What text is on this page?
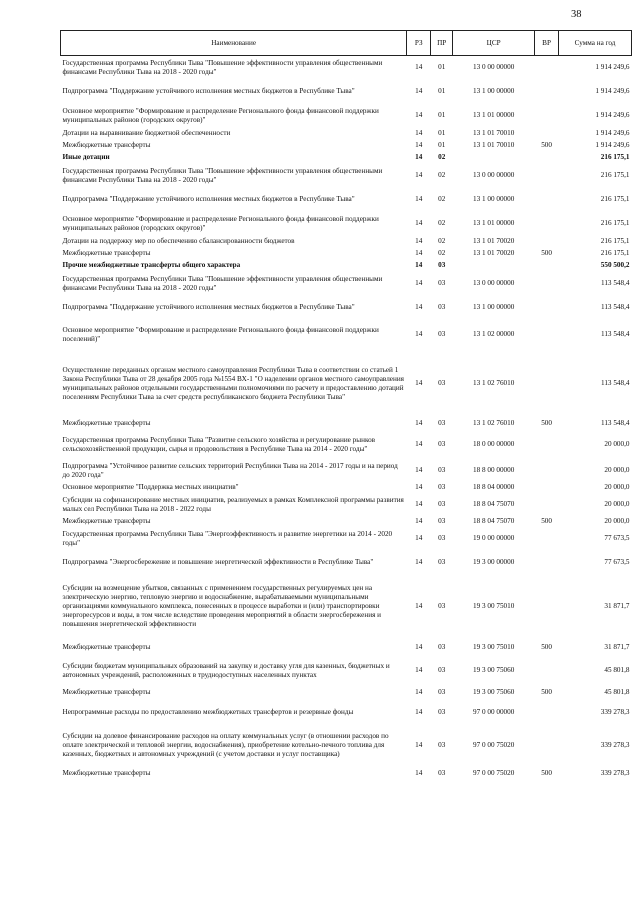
38
Наименование	РЗ	ПР	ЦСР	ВР	Сумма на год
Государственная программа Республики Тыва "Повышение эффективности управления общественными финансами Республики Тыва на 2018 - 2020 годы"	14	01	13 0 00 00000		1 914 249,6
Подпрограмма "Поддержание устойчивого исполнения местных бюджетов в Республике Тыва"	14	01	13 1 00 00000		1 914 249,6
Основное мероприятие "Формирование и распределение Регионального фонда финансовой поддержки муниципальных районов (городских округов)"	14	01	13 1 01 00000		1 914 249,6
Дотации на выравнивание бюджетной обеспеченности	14	01	13 1 01 70010		1 914 249,6
Межбюджетные трансферты	14	01	13 1 01 70010	500	1 914 249,6
Иные дотации	14	02			216 175,1
Государственная программа Республики Тыва "Повышение эффективности управления общественными финансами Республики Тыва на 2018 - 2020 годы"	14	02	13 0 00 00000		216 175,1
Подпрограмма "Поддержание устойчивого исполнения местных бюджетов в Республике Тыва"	14	02	13 1 00 00000		216 175,1
Основное мероприятие "Формирование и распределение Регионального фонда финансовой поддержки муниципальных районов (городских округов)"	14	02	13 1 01 00000		216 175,1
Дотации на поддержку мер по обеспечению сбалансированности бюджетов	14	02	13 1 01 70020		216 175,1
Межбюджетные трансферты	14	02	13 1 01 70020	500	216 175,1
Прочие межбюджетные трансферты общего характера	14	03			550 500,2
Государственная программа Республики Тыва "Повышение эффективности управления общественными финансами Республики Тыва на 2018 - 2020 годы"	14	03	13 0 00 00000		113 548,4
Подпрограмма "Поддержание устойчивого исполнения местных бюджетов в Республике Тыва"	14	03	13 1 00 00000		113 548,4
Основное мероприятие "Формирование и распределение Регионального фонда финансовой поддержки поселений)"	14	03	13 1 02 00000		113 548,4
Осуществление переданных органам местного самоуправления Республики Тыва в соответствии со статьей 1 Закона Республики Тыва от 28 декабря 2005 года №1554 ВХ-1 "О наделении органов местного самоуправления муниципальных районов отдельными государственными полномочиями по расчету и предоставлению дотаций поселениям Республики Тыва за счет средств республиканского бюджета Республики Тыва"	14	03	13 1 02 76010		113 548,4
Межбюджетные трансферты	14	03	13 1 02 76010	500	113 548,4
Государственная программа Республики Тыва "Развитие сельского хозяйства и регулирование рынков сельскохозяйственной продукции, сырья и продовольствия в Республике Тыва на 2014 - 2020 годы"	14	03	18 0 00 00000		20 000,0
Подпрограмма "Устойчивое развитие сельских территорий Республики Тыва на 2014 - 2017 годы и на период до 2020 года"	14	03	18 8 00 00000		20 000,0
Основное мероприятие "Поддержка местных инициатив"	14	03	18 8 04 00000		20 000,0
Субсидии на софинансирование местных инициатив, реализуемых в рамках Комплексной программы развития малых сел Республики Тыва на 2018 - 2022 годы	14	03	18 8 04 75070		20 000,0
Межбюджетные трансферты	14	03	18 8 04 75070	500	20 000,0
Государственная программа Республики Тыва "Энергоэффективность и развитие энергетики на 2014 - 2020 годы"	14	03	19 0 00 00000		77 673,5
Подпрограмма "Энергосбережение и повышение энергетической эффективности в Республике Тыва"	14	03	19 3 00 00000		77 673,5
Субсидии на возмещение убытков, связанных с применением государственных регулируемых цен на электрическую энергию, тепловую энергию и водоснабжение, вырабатываемыми муниципальными организациями коммунального комплекса, понесенных в процессе выработки и (или) транспортировки энергоресурсов и воды, в том числе вследствие проведения мероприятий в области энергосбережения и повышения энергетической эффективности	14	03	19 3 00 75010		31 871,7
Межбюджетные трансферты	14	03	19 3 00 75010	500	31 871,7
Субсидии бюджетам муниципальных образований на закупку и доставку угля для казенных, бюджетных и автономных учреждений, расположенных в труднодоступных населенных пунктах	14	03	19 3 00 75060		45 801,8
Межбюджетные трансферты	14	03	19 3 00 75060	500	45 801,8
Непрограммные расходы по предоставлению межбюджетных трансфертов и резервные фонды	14	03	97 0 00 00000		339 278,3
Субсидии на долевое финансирование расходов на оплату коммунальных услуг (в отношении расходов по оплате электрической и тепловой энергии, водоснабжения), приобретение котельно-печного топлива для казенных, бюджетных и автономных учреждений (с учетом доставки и услуг поставщика)	14	03	97 0 00 75020		339 278,3
Межбюджетные трансферты	14	03	97 0 00 75020	500	339 278,3
